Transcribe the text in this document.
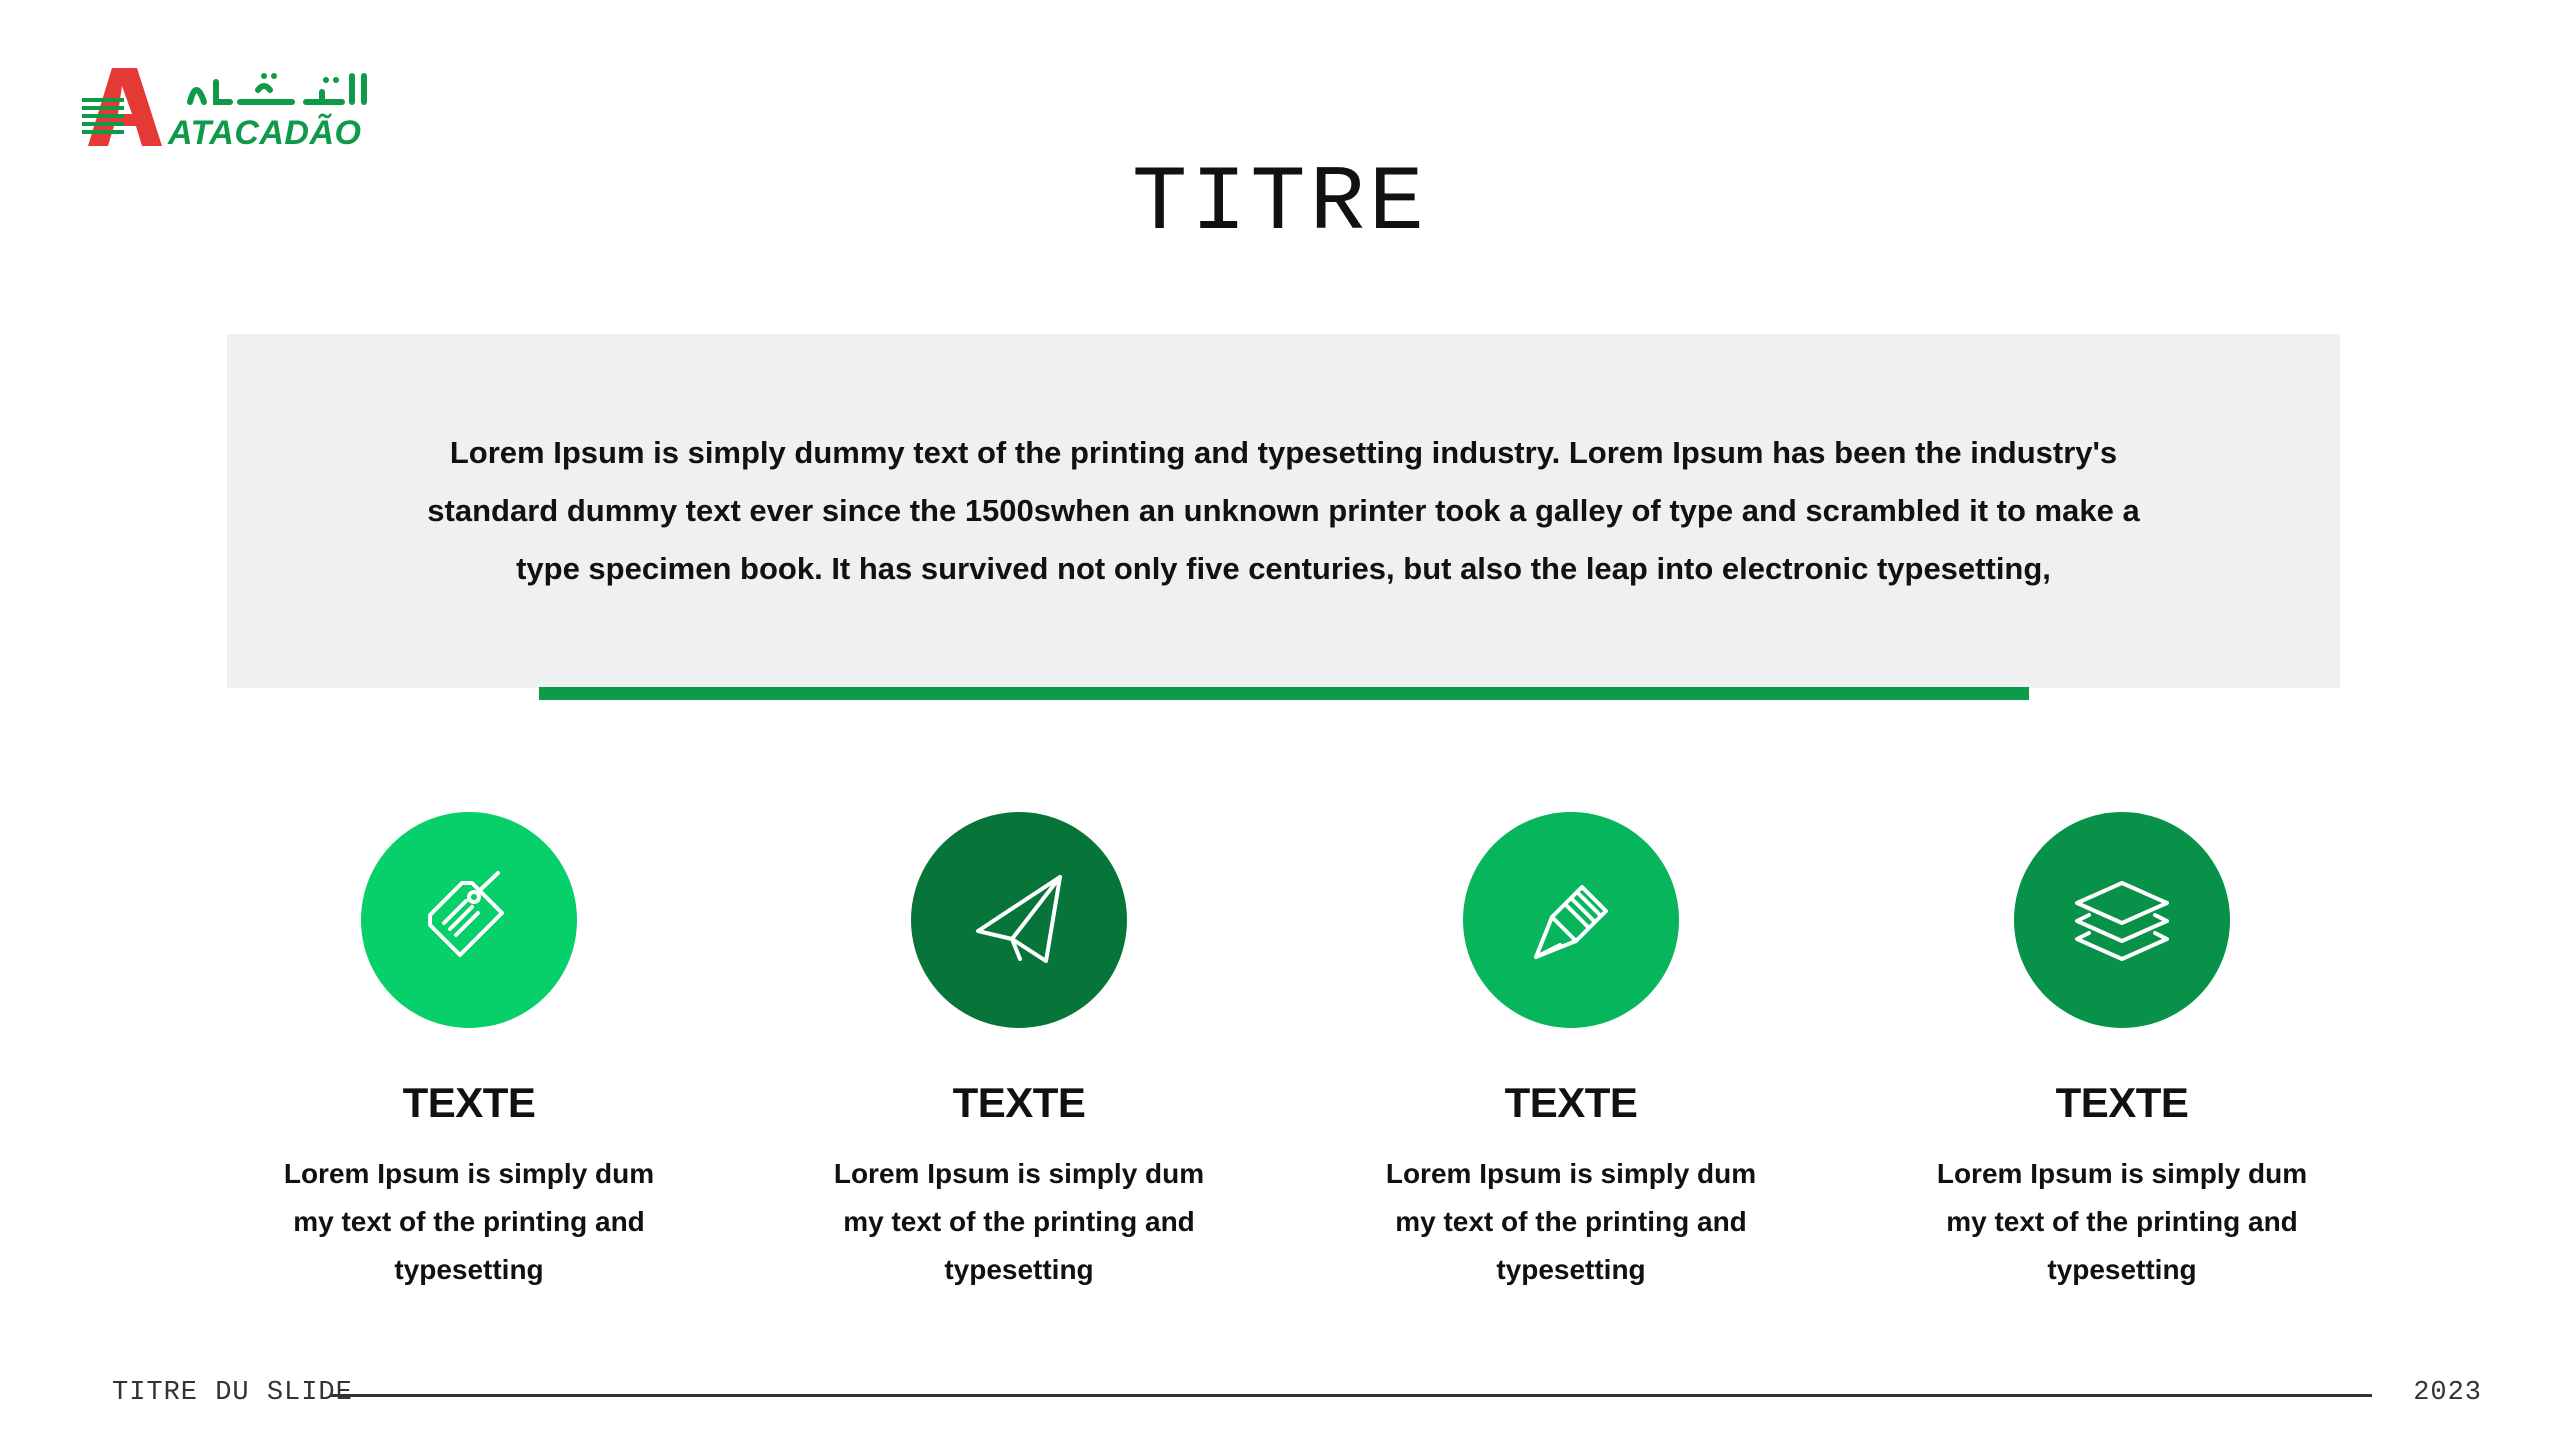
ATACADÃO
TITRE
Lorem Ipsum is simply dummy text of the printing and typesetting industry. Lorem Ipsum has been the industry's standard dummy text ever since the 1500swhen an unknown printer took a galley of type and scrambled it to make a type specimen book. It has survived not only five centuries, but also the leap into electronic typesetting,
TEXTE
Lorem Ipsum is simply dum my text of the printing and typesetting
TEXTE
Lorem Ipsum is simply dum my text of the printing and typesetting
TEXTE
Lorem Ipsum is simply dum my text of the printing and typesetting
TEXTE
Lorem Ipsum is simply dum my text of the printing and typesetting
TITRE DU SLIDE	2023
